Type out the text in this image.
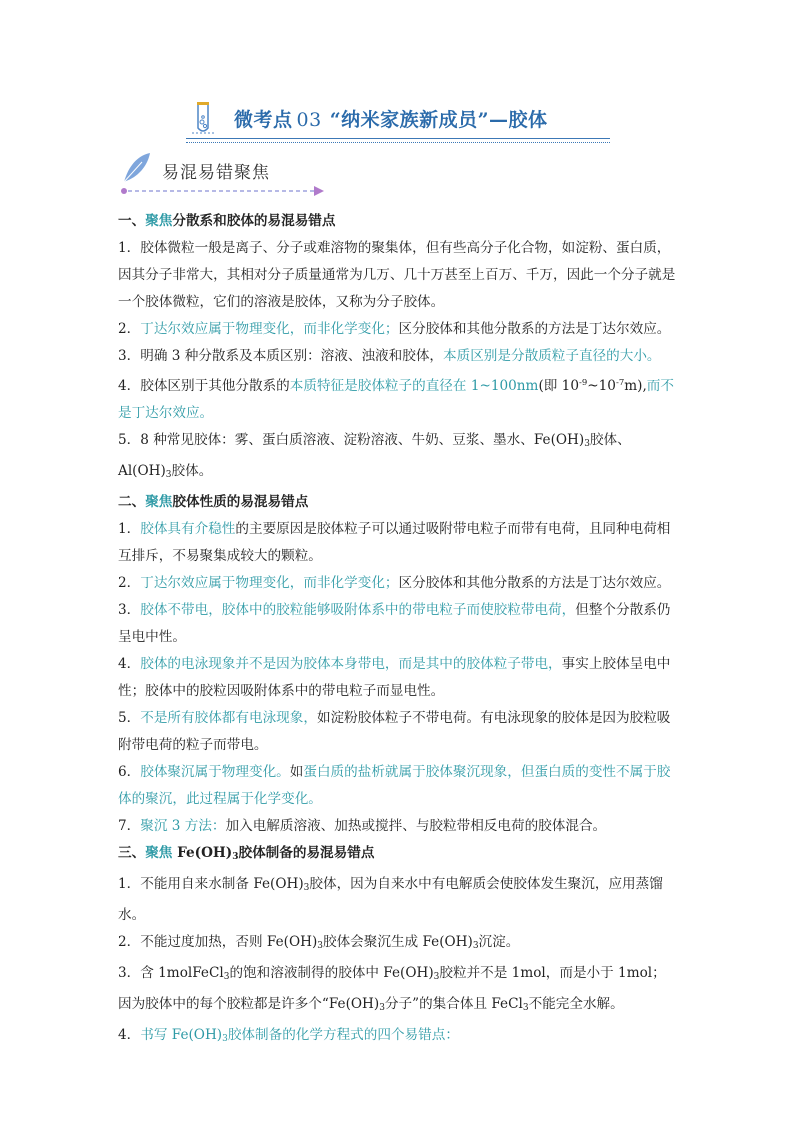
微考点 03 “纳米家族新成员”—胶体
易混易错聚焦

一、聚焦分散系和胶体的易混易错点

1．胶体微粒一般是离子、分子或难溶物的聚集体，但有些高分子化合物，如淀粉、蛋白质，因其分子非常大，其相对分子质量通常为几万、几十万甚至上百万、千万，因此一个分子就是一个胶体微粒，它们的溶液是胶体，又称为分子胶体。

2．丁达尔效应属于物理变化，而非化学变化；区分胶体和其他分散系的方法是丁达尔效应。

3．明确 3 种分散系及本质区别：溶液、浊液和胶体，本质区别是分散质粒子直径的大小。

4．胶体区别于其他分散系的本质特征是胶体粒子的直径在 1~100nm(即 $10^{-9}\sim 10^{-7}m$),而不是丁达尔效应。

5．8 种常见胶体：雾、蛋白质溶液、淀粉溶液、牛奶、豆浆、墨水、$Fe(OH)_3$胶体、$Al(OH)_3$胶体。

二、聚焦胶体性质的易混易错点

1．胶体具有介稳性的主要原因是胶体粒子可以通过吸附带电粒子而带有电荷，且同种电荷相互排斥，不易聚集成较大的颗粒。

2．丁达尔效应属于物理变化，而非化学变化；区分胶体和其他分散系的方法是丁达尔效应。

3．胶体不带电，胶体中的胶粒能够吸附体系中的带电粒子而使胶粒带电荷，但整个分散系仍呈电中性。

4．胶体的电泳现象并不是因为胶体本身带电，而是其中的胶体粒子带电，事实上胶体呈电中性；胶体中的胶粒因吸附体系中的带电粒子而显电性。

5．不是所有胶体都有电泳现象，如淀粉胶体粒子不带电荷。有电泳现象的胶体是因为胶粒吸附带电荷的粒子而带电。

6．胶体聚沉属于物理变化。如蛋白质的盐析就属于胶体聚沉现象，但蛋白质的变性不属于胶体的聚沉，此过程属于化学变化。

7．聚沉 3 方法：加入电解质溶液、加热或搅拌、与胶粒带相反电荷的胶体混合。

三、聚焦 $Fe(OH)_3$胶体制备的易混易错点

1．不能用自来水制备 $Fe(OH)_3$胶体，因为自来水中有电解质会使胶体发生聚沉，应用蒸馏水。

2．不能过度加热，否则 $Fe(OH)_3$胶体会聚沉生成 $Fe(OH)_3$沉淀。

3．含 1molFeCl$_3$的饱和溶液制得的胶体中 $Fe(OH)_3$胶粒并不是 1mol，而是小于 1mol；因为胶体中的每个胶粒都是许多个“$Fe(OH)_3$分子”的集合体且 FeCl$_3$不能完全水解。

4．书写 $Fe(OH)_3$胶体制备的化学方程式的四个易错点：
